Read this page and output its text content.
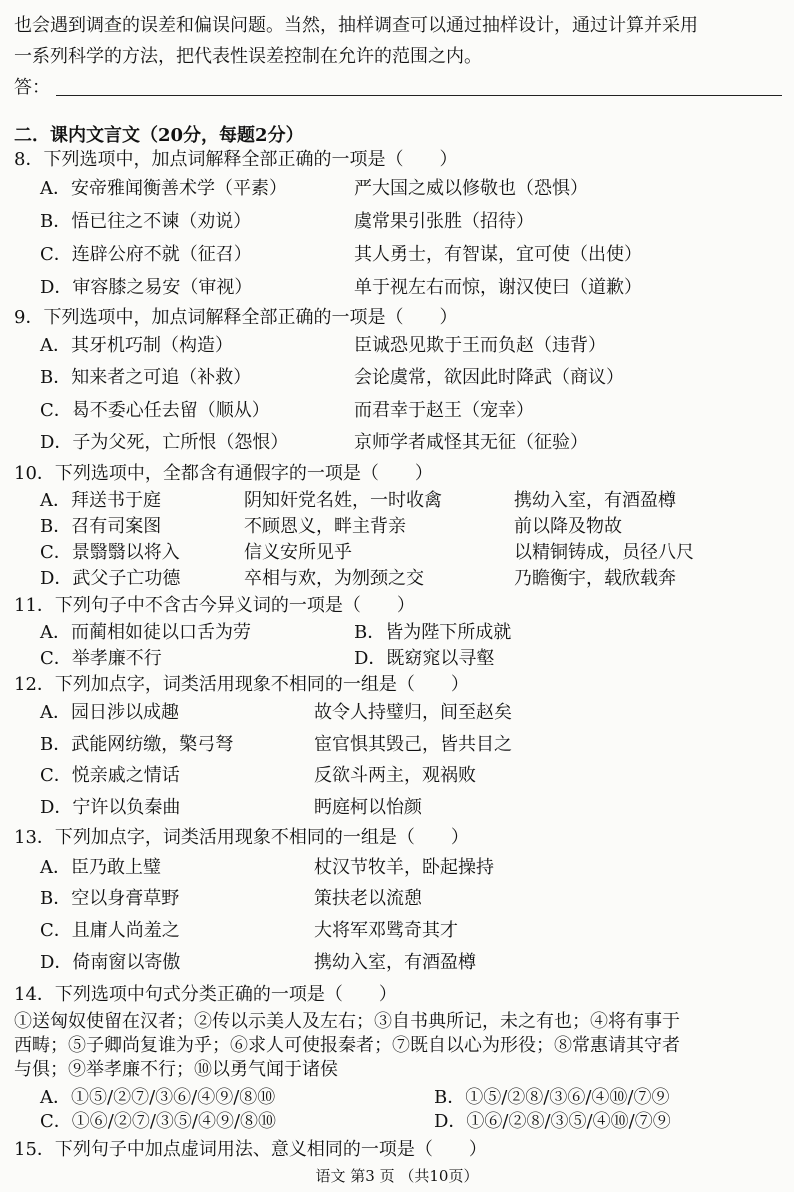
也会遇到调查的误差和偏误问题。当然，抽样调查可以通过抽样设计，通过计算并采用
一系列科学的方法，把代表性误差控制在允许的范围之内。
答：
二．课内文言文（20分，每题2分）
8．下列选项中，加点词解释全部正确的一项是（　　）
A．安帝雅闻衡善术学（平素）	严大国之威以修敬也（恐惧）
B．悟已往之不谏（劝说）	虞常果引张胜（招待）
C．连辟公府不就（征召）	其人勇士，有智谋，宜可使（出使）
D．审容膝之易安（审视）	单于视左右而惊，谢汉使曰（道歉）
9．下列选项中，加点词解释全部正确的一项是（　　）
A．其牙机巧制（构造）	臣诚恐见欺于王而负赵（违背）
B．知来者之可追（补救）	会论虞常，欲因此时降武（商议）
C．曷不委心任去留（顺从）	而君幸于赵王（宠幸）
D．子为父死，亡所恨（怨恨）	京师学者咸怪其无征（征验）
10．下列选项中，全都含有通假字的一项是（　　）
A．拜送书于庭	阴知奸党名姓，一时收禽	携幼入室，有酒盈樽
B．召有司案图	不顾恩义，畔主背亲	前以降及物故
C．景翳翳以将入	信义安所见乎	以精铜铸成，员径八尺
D．武父子亡功德	卒相与欢，为刎颈之交	乃瞻衡宇，载欣载奔
11．下列句子中不含古今异义词的一项是（　　）
A．而蔺相如徒以口舌为劳	B．皆为陛下所成就
C．举孝廉不行	D．既窈窕以寻壑
12．下列加点字，词类活用现象不相同的一组是（　　）
A．园日涉以成趣	故令人持璧归，间至赵矣
B．武能网纺缴，檠弓弩	宦官惧其毁己，皆共目之
C．悦亲戚之情话	反欲斗两主，观祸败
D．宁许以负秦曲	眄庭柯以怡颜
13．下列加点字，词类活用现象不相同的一组是（　　）
A．臣乃敢上璧	杖汉节牧羊，卧起操持
B．空以身膏草野	策扶老以流憩
C．且庸人尚羞之	大将军邓骘奇其才
D．倚南窗以寄傲	携幼入室，有酒盈樽
14．下列选项中句式分类正确的一项是（　　）
①送匈奴使留在汉者；②传以示美人及左右；③自书典所记，未之有也；④将有事于
西畴；⑤子卿尚复谁为乎；⑥求人可使报秦者；⑦既自以心为形役；⑧常惠请其守者
与俱；⑨举孝廉不行；⑩以勇气闻于诸侯
A．①⑤/②⑦/③⑥/④⑨/⑧⑩	B．①⑤/②⑧/③⑥/④⑩/⑦⑨
C．①⑥/②⑦/③⑤/④⑨/⑧⑩	D．①⑥/②⑧/③⑤/④⑩/⑦⑨
15．下列句子中加点虚词用法、意义相同的一项是（　　）
语文 第3 页 （共10页）
